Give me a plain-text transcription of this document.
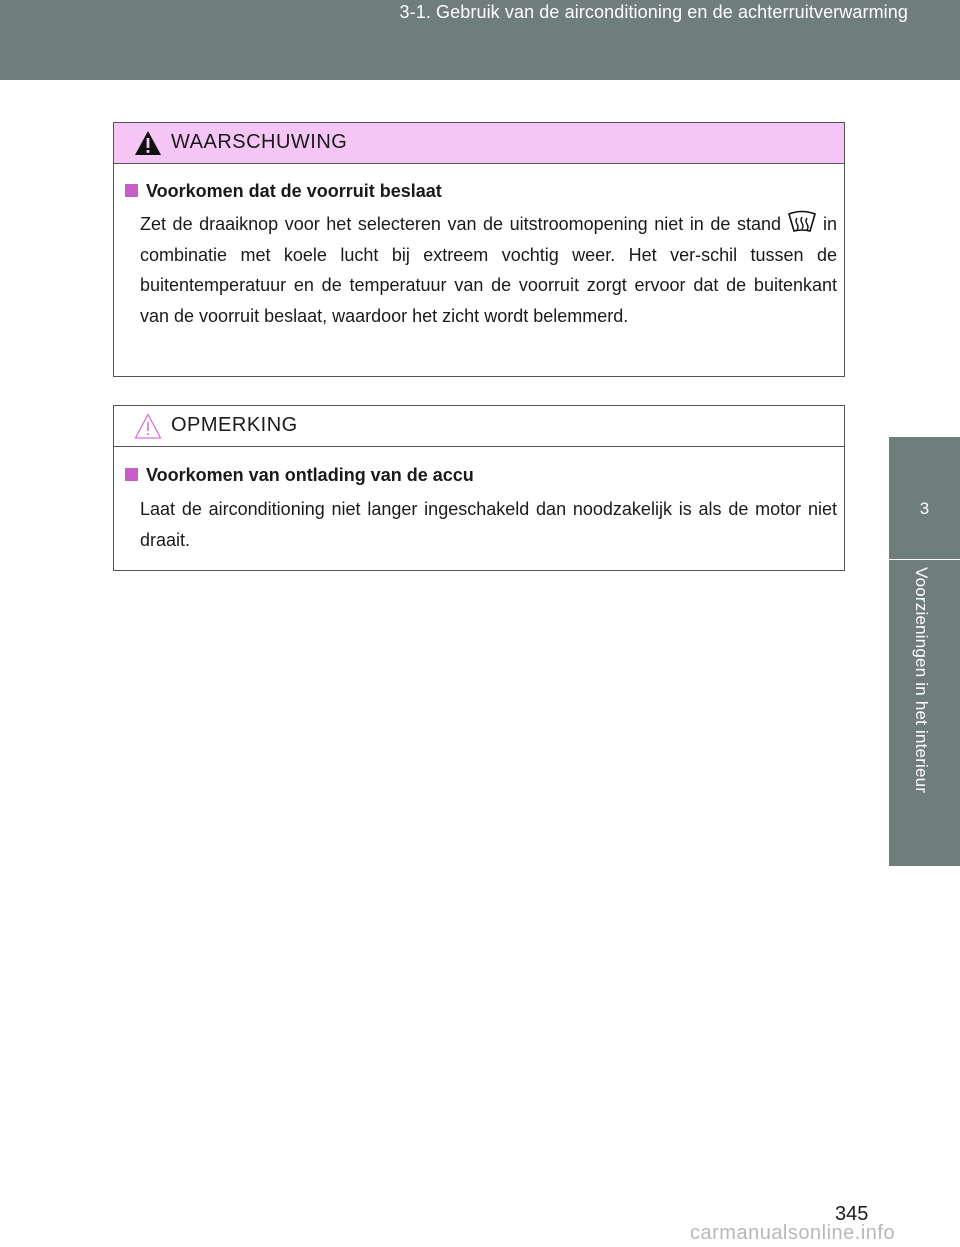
3-1. Gebruik van de airconditioning en de achterruitverwarming
3
Voorzieningen in het interieur
WAARSCHUWING
Voorkomen dat de voorruit beslaat
Zet de draaiknop voor het selecteren van de uitstroomopening niet in de stand in combinatie met koele lucht bij extreem vochtig weer. Het ver-schil tussen de buitentemperatuur en de temperatuur van de voorruit zorgt ervoor dat de buitenkant van de voorruit beslaat, waardoor het zicht wordt belemmerd.
OPMERKING
Voorkomen van ontlading van de accu
Laat de airconditioning niet langer ingeschakeld dan noodzakelijk is als de motor niet draait.
345
carmanualsonline.info
